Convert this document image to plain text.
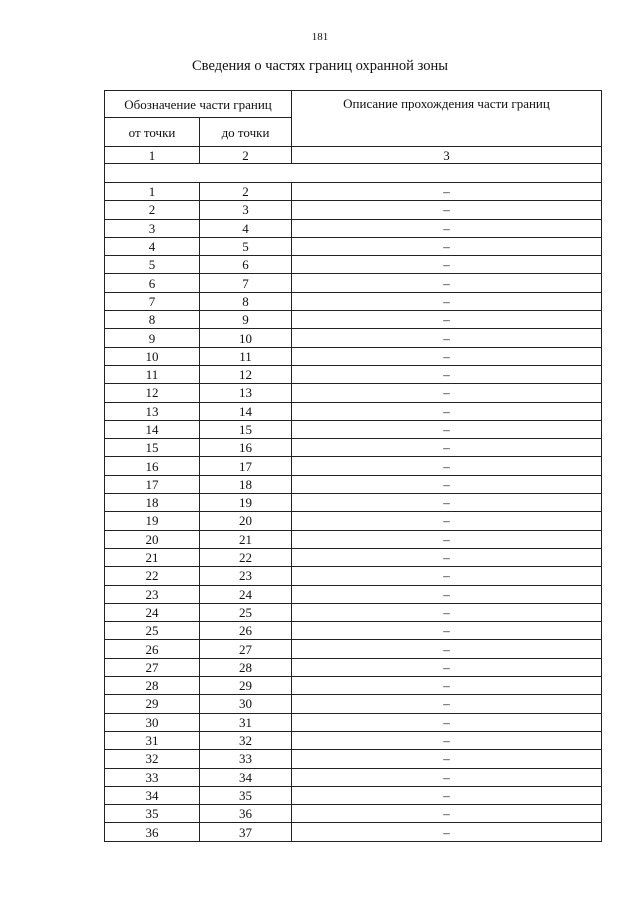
181
Сведения о частях границ охранной зоны
Обозначение части границ		Описание прохождения части границ
от точки	до точки	
1	2	3

1	2	–
2	3	–
3	4	–
4	5	–
5	6	–
6	7	–
7	8	–
8	9	–
9	10	–
10	11	–
11	12	–
12	13	–
13	14	–
14	15	–
15	16	–
16	17	–
17	18	–
18	19	–
19	20	–
20	21	–
21	22	–
22	23	–
23	24	–
24	25	–
25	26	–
26	27	–
27	28	–
28	29	–
29	30	–
30	31	–
31	32	–
32	33	–
33	34	–
34	35	–
35	36	–
36	37	–
